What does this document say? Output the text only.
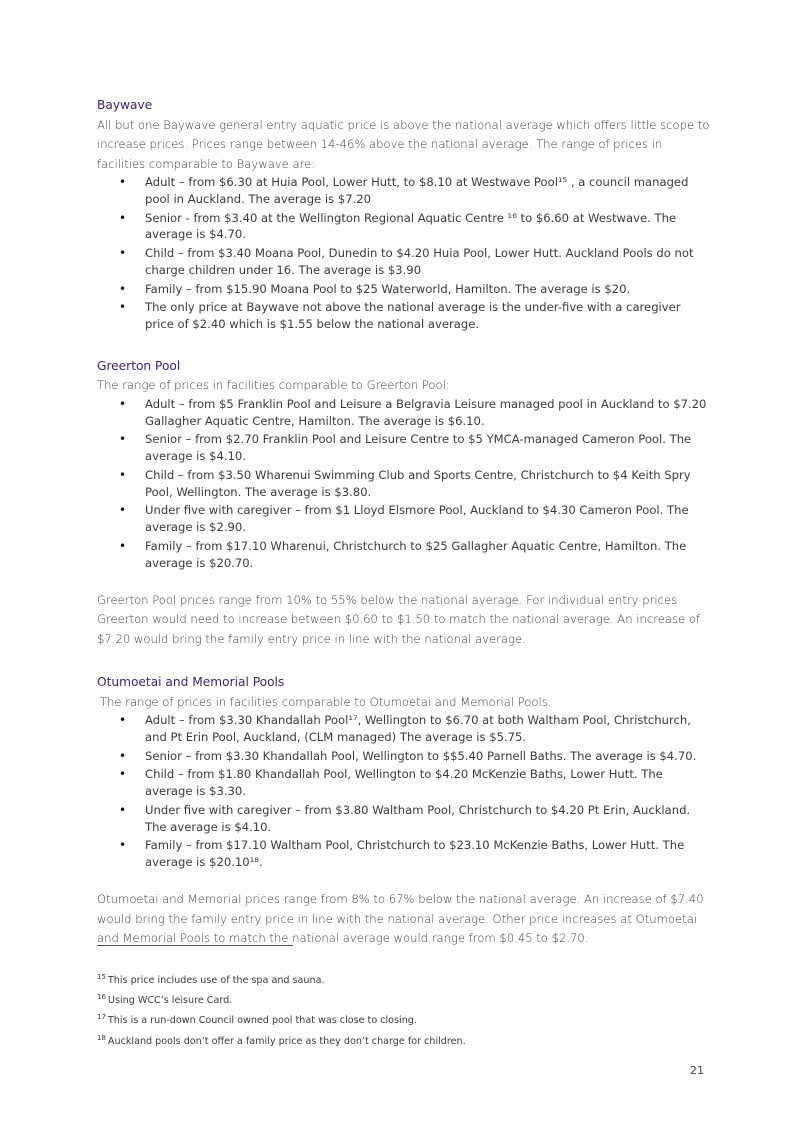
Baywave

All but one Baywave general entry aquatic price is above the national average which offers little scope to increase prices. Prices range between 14-46% above the national average. The range of prices in facilities comparable to Baywave are:

• Adult – from $6.30 at Huia Pool, Lower Hutt, to $8.10 at Westwave Pool¹⁵ , a council managed pool in Auckland. The average is $7.20
• Senior - from $3.40 at the Wellington Regional Aquatic Centre ¹⁶ to $6.60 at Westwave. The average is $4.70.
• Child – from $3.40 Moana Pool, Dunedin to $4.20 Huia Pool, Lower Hutt. Auckland Pools do not charge children under 16. The average is $3.90
• Family – from $15.90 Moana Pool to $25 Waterworld, Hamilton. The average is $20.
• The only price at Baywave not above the national average is the under-five with a caregiver price of $2.40 which is $1.55 below the national average.
Greerton Pool

The range of prices in facilities comparable to Greerton Pool:

• Adult – from $5 Franklin Pool and Leisure a Belgravia Leisure managed pool in Auckland to $7.20 Gallagher Aquatic Centre, Hamilton. The average is $6.10.
• Senior – from $2.70 Franklin Pool and Leisure Centre to $5 YMCA-managed Cameron Pool. The average is $4.10.
• Child – from $3.50 Wharenui Swimming Club and Sports Centre, Christchurch to $4 Keith Spry Pool, Wellington. The average is $3.80.
• Under five with caregiver – from $1 Lloyd Elsmore Pool, Auckland to $4.30 Cameron Pool. The average is $2.90.
• Family – from $17.10 Wharenui, Christchurch to $25 Gallagher Aquatic Centre, Hamilton. The average is $20.70.

Greerton Pool prices range from 10% to 55% below the national average. For individual entry prices Greerton would need to increase between $0.60 to $1.50 to match the national average. An increase of $7.20 would bring the family entry price in line with the national average.

Otumoetai and Memorial Pools

The range of prices in facilities comparable to Otumoetai and Memorial Pools:

• Adult – from $3.30 Khandallah Pool¹⁷, Wellington to $6.70 at both Waltham Pool, Christchurch, and Pt Erin Pool, Auckland, (CLM managed) The average is $5.75.
• Senior – from $3.30 Khandallah Pool, Wellington to $$5.40 Parnell Baths. The average is $4.70.
• Child – from $1.80 Khandallah Pool, Wellington to $4.20 McKenzie Baths, Lower Hutt. The average is $3.30.
• Under five with caregiver – from $3.80 Waltham Pool, Christchurch to $4.20 Pt Erin, Auckland. The average is $4.10.
• Family – from $17.10 Waltham Pool, Christchurch to $23.10 McKenzie Baths, Lower Hutt. The average is $20.10¹⁸.

Otumoetai and Memorial prices range from 8% to 67% below the national average. An increase of $7.40 would bring the family entry price in line with the national average. Other price increases at Otumoetai and Memorial Pools to match the national average would range from $0.45 to $2.70.

$^{15}$ This price includes use of the spa and sauna.
$^{16}$ Using WCC’s leisure Card.
$^{17}$ This is a run-down Council owned pool that was close to closing.
$^{18}$ Auckland pools don’t offer a family price as they don’t charge for children.
21
